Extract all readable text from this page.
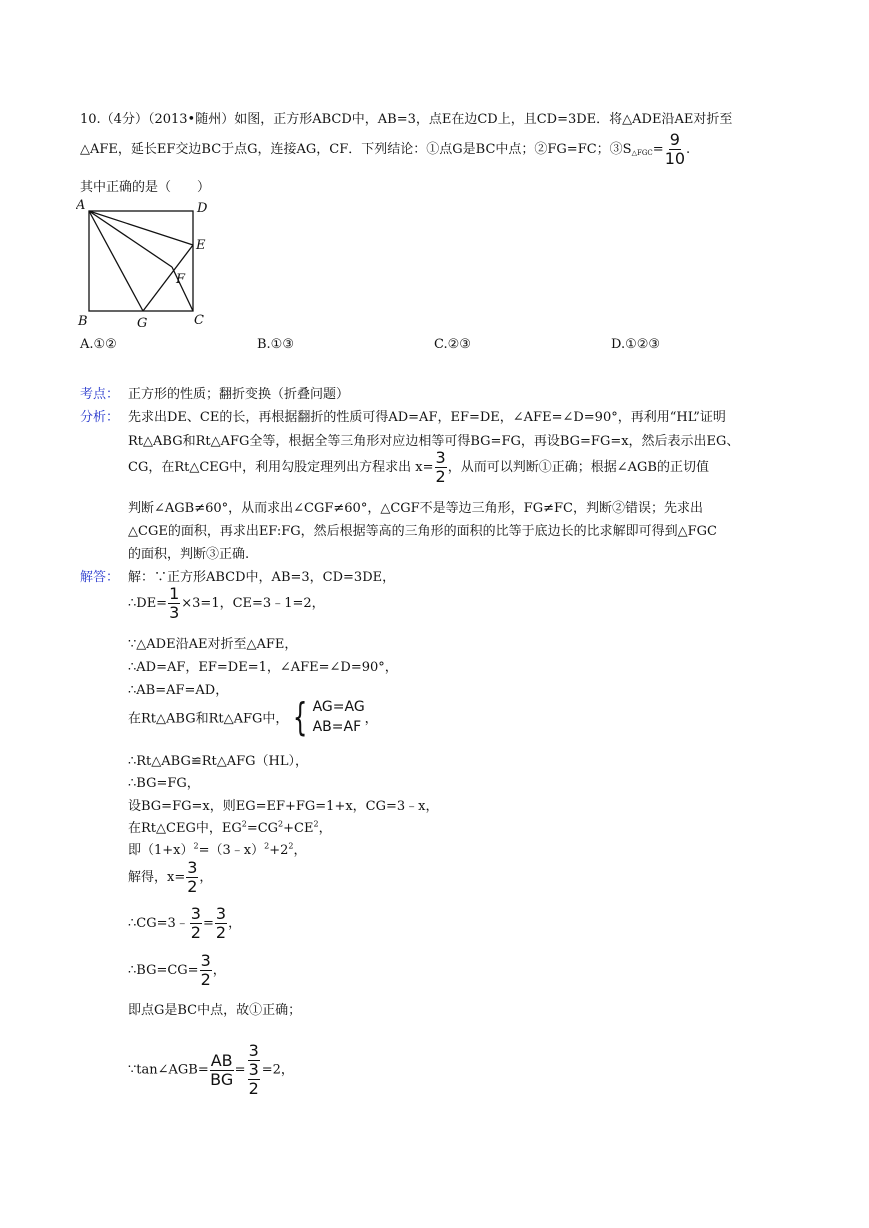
10.（4分）（2013•随州）如图，正方形ABCD中，AB=3，点E在边CD上，且CD=3DE．将△ADE沿AE对折至
△AFE，延长EF交边BC于点G，连接AG，CF．下列结论：①点G是BC中点；②FG=FC；$③S_{\triangle FGC}= \frac{9}{10}$ .
其中正确的是（　　）
A	D
E
F
B	G	C
A.①②	B.①③	C.②③	D.①②③
考点： 正方形的性质；翻折变换（折叠问题）
分析： 先求出DE、CE的长，再根据翻折的性质可得AD=AF，EF=DE，∠AFE=∠D=90°，再利用“HL”证明
Rt△ABG和Rt△AFG全等，根据全等三角形对应边相等可得BG=FG，再设BG=FG=x，然后表示出EG、
CG，在Rt△CEG中，利用勾股定理列出方程求出 $x= \frac{3}{2}$ ，从而可以判断①正确；根据∠AGB的正切值
判断∠AGB≠60°，从而求出∠CGF≠60°，△CGF不是等边三角形，FG≠FC，判断②错误；先求出
△CGE的面积，再求出EF:FG，然后根据等高的三角形的面积的比等于底边长的比求解即可得到△FGC
的面积，判断③正确.
解答： 解：∵正方形ABCD中，AB=3，CD=3DE，
∴DE= $\frac{1}{3} \times 3=1$，CE=3﹣1=2，
∵△ADE沿AE对折至△AFE，
∴AD=AF，EF=DE=1，∠AFE=∠D=90°，
∴AB=AF=AD，
在Rt△ABG和Rt△AFG中， { AG=AG
AB=AF ，
∴Rt△ABG≌Rt△AFG（HL），
∴BG=FG，
设BG=FG=x，则EG=EF+FG=1+x，CG=3﹣x，
在Rt△CEG中，$EG^2=CG^2+CE^2$，
即$(1+x)^2=(3﹣x)^2+2^2$，
解得，$x= \frac{3}{2}$ ，
∴CG=3﹣ $\frac{3}{2} = \frac{3}{2}$ ，
∴BG=CG= $\frac{3}{2}$ ，
即点G是BC中点，故①正确；
∵tan∠AGB= $\frac{AB}{BG} = \frac{3}{\frac{3}{2}} =2$，
